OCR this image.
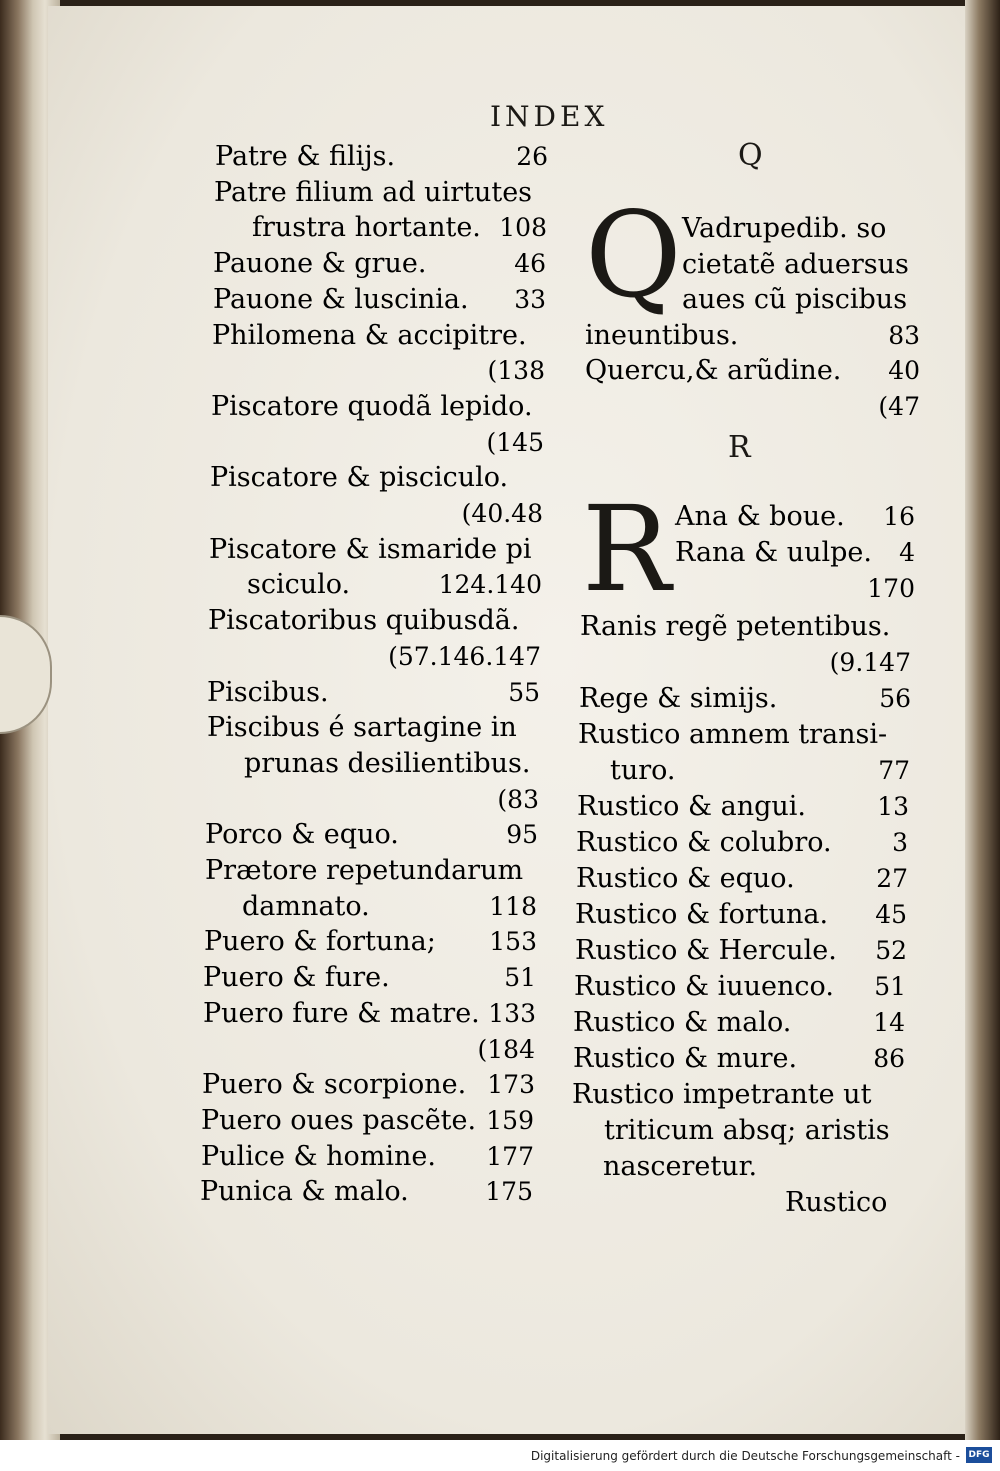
INDEX
Patre & filijs.	26
Patre filium ad uirtutes
frustra hortante. 108
Pauone & grue.	46
Pauone & luscinia. 33
Philomena & accipitre.
(138
Piscatore quodã lepido.
(145
Piscatore & pisciculo.
(40.48
Piscatore & ismaride pi
sciculo.	124.140
Piscatoribus quibusdã.
(57.146.147
Piscibus.	55
Piscibus é sartagine in
prunas desilientibus.
(83
Porco & equo.	95
Prætore repetundarum
damnato.	118
Puero & fortuna; 153
Puero & fure.	51
Puero fure & matre. 133
(184
Puero & scorpione. 173
Puero oues pascẽte. 159
Pulice & homine. 177
Punica & malo.	175
Q
Q Vadrupedib. so
cietatẽ aduersus
aues cũ piscibus
ineuntibus.	83
Quercu,& arũdine. 40
(47
R
R Ana & boue. 16
Rana & uulpe. 4
170
Ranis regẽ petentibus.
(9.147
Rege & simijs.	56
Rustico amnem transi-
turo.	77
Rustico & angui.	13
Rustico & colubro. 3
Rustico & equo.	27
Rustico & fortuna. 45
Rustico & Hercule. 52
Rustico & iuuenco. 51
Rustico & malo.	14
Rustico & mure.	86
Rustico impetrante ut
triticum absq; aristis
nasceretur.
Rustico
Digitalisierung gefördert durch die Deutsche Forschungsgemeinschaft - DFG
